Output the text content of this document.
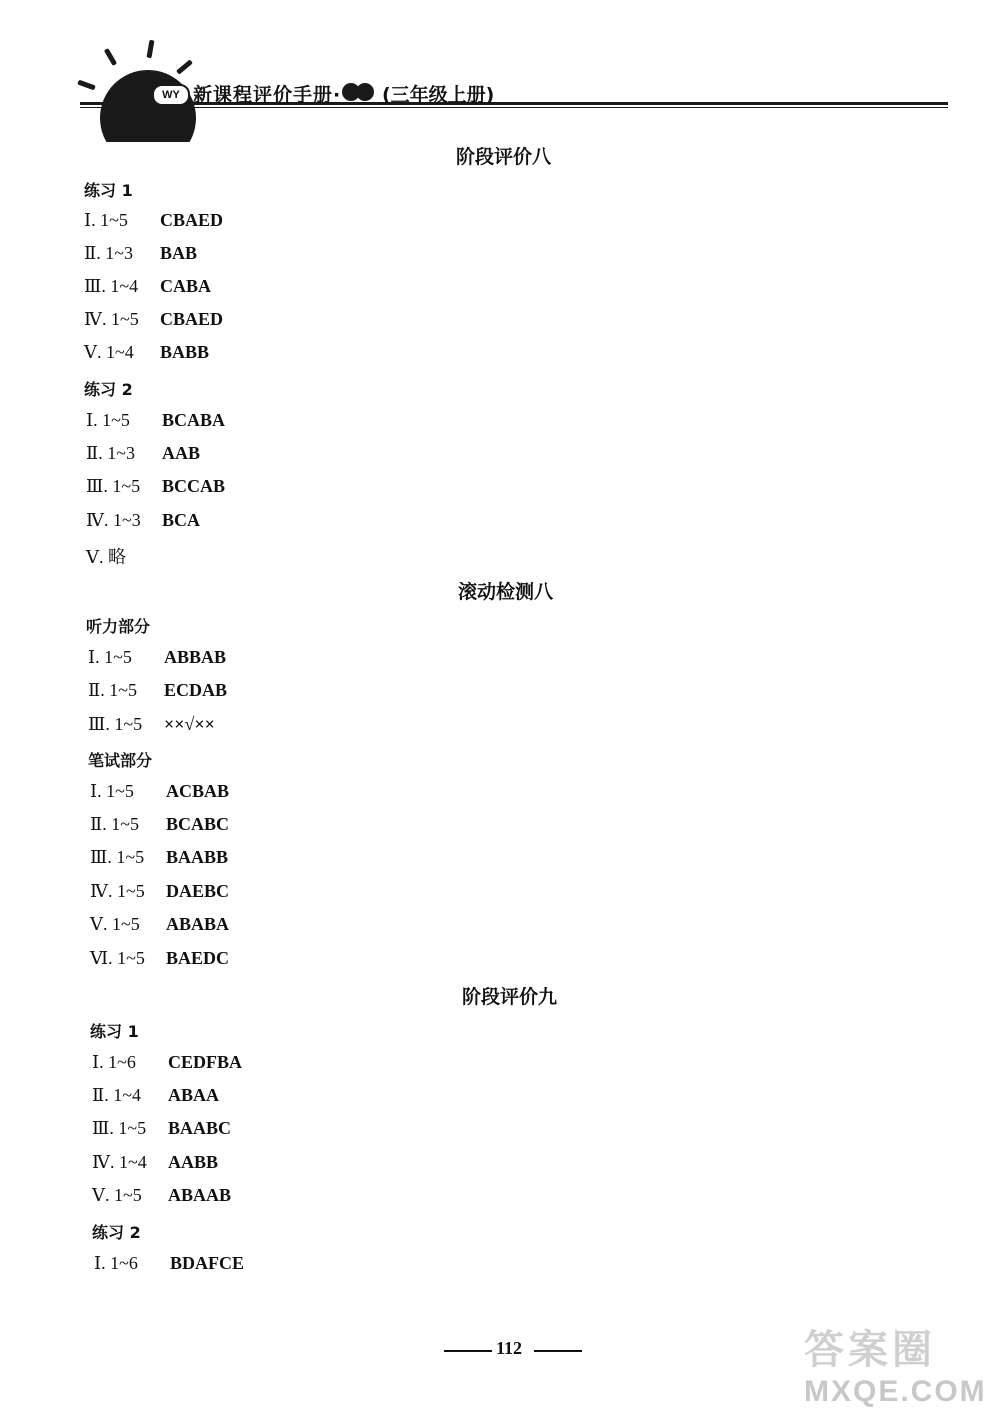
WY 新课程评价手册· (三年级上册)
阶段评价八
练习 1
Ⅰ. 1~5 CBAED
Ⅱ. 1~3 BAB
Ⅲ. 1~4 CABA
Ⅳ. 1~5 CBAED
Ⅴ. 1~4 BABB
练习 2
Ⅰ. 1~5 BCABA
Ⅱ. 1~3 AAB
Ⅲ. 1~5 BCCAB
Ⅳ. 1~3 BCA
Ⅴ. 略
滚动检测八
听力部分
Ⅰ. 1~5 ABBAB
Ⅱ. 1~5 ECDAB
Ⅲ. 1~5 ××√××
笔试部分
Ⅰ. 1~5 ACBAB
Ⅱ. 1~5 BCABC
Ⅲ. 1~5 BAABB
Ⅳ. 1~5 DAEBC
Ⅴ. 1~5 ABABA
Ⅵ. 1~5 BAEDC
阶段评价九
练习 1
Ⅰ. 1~6 CEDFBA
Ⅱ. 1~4 ABAA
Ⅲ. 1~5 BAABC
Ⅳ. 1~4 AABB
Ⅴ. 1~5 ABAAB
练习 2
Ⅰ. 1~6 BDAFCE
112	答案圈
MXQE.COM
